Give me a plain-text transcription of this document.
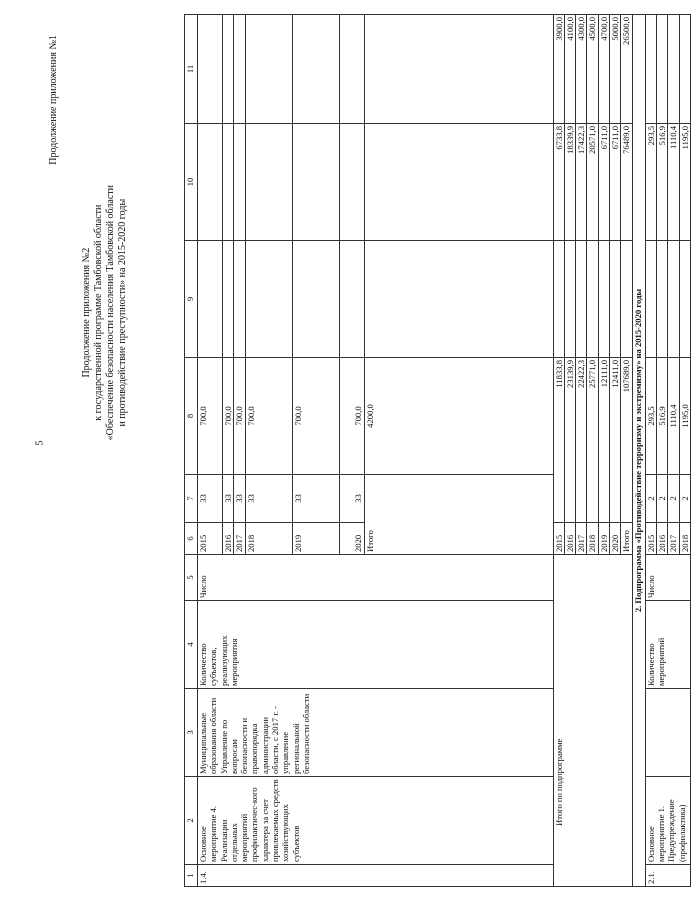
5
Продолжение приложения №1
Продолжение приложения №2 к государственной программе Тамбовской области «Обеспечение безопасности населения Тамбовской области и противодействие преступности» на 2015-2020 годы
1	2	3	4	5	6	7	8	9	10	11	
1.4.	Основное мероприятие 4. Реализации отдельных мероприятий профилактичес-кого характера за счет привлекаемых средств хозяйствующих субъектов	Муниципальные образования области Управление по вопросам безопасности и правопорядка администрации области, с 2017 г. - управление региональной безопасности области	Количество субъектов, реализующих мероприятия	Число	2015	33	700,0				
					2016	33	700,0				
					2017	33	700,0				
					2018	33	700,0				
					2019	33	700,0				
					2020	33	700,0				
					Итого		4200,0				
Итого по подпрограмме					2015	11833,8			6733,8	3900,0	
					2016	23139,9			18339,9	4100,0	
					2017	22422,3			17422,3	4300,0	
					2018	25771,0			20571,0	4500,0	
					2019	12111,0			6711,0	4700,0	
					2020	12411,0			6711,0	5000,0	
					Итого	107689,0			76489,0	26500,0	
2. Подпрограмма «Противодействие терроризму и экстремизму» на 2015-2020 годы											
2.1.	Основное мероприятие 1. Предупреждение (профилактика)		Количество мероприятий	Число	2015	2	293,5		293,5		
					2016	2	516,9		516,9		
					2017	2	1110,4		1110,4		
					2018	2	1195,0		1195,0		
